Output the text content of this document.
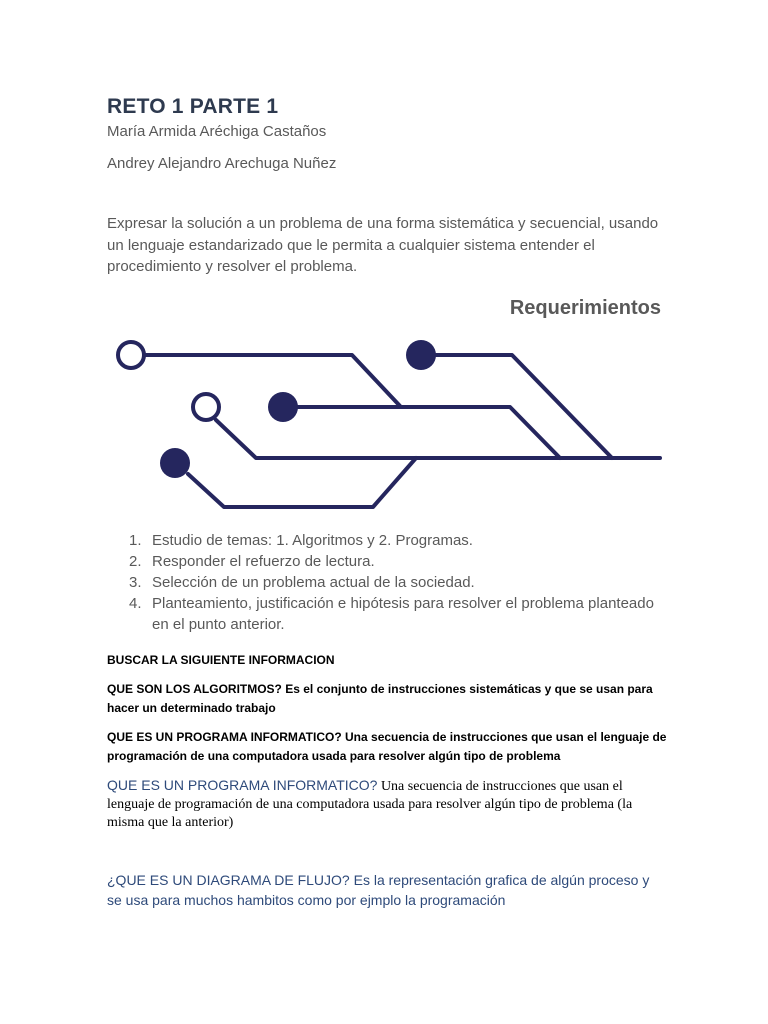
RETO 1 PARTE 1
María Armida Aréchiga Castaños
Andrey Alejandro Arechuga Nuñez
Expresar la solución a un problema de una forma sistemática y secuencial, usando un lenguaje estandarizado que le permita a cualquier sistema entender el procedimiento y resolver el problema.
Requerimientos
1. Estudio de temas: 1. Algoritmos y 2. Programas.
2. Responder el refuerzo de lectura.
3. Selección de un problema actual de la sociedad.
4. Planteamiento, justificación e hipótesis para resolver el problema planteado en el punto anterior.
BUSCAR LA SIGUIENTE INFORMACION
QUE SON LOS ALGORITMOS? Es el conjunto de instrucciones sistemáticas y que se usan para hacer un determinado trabajo
QUE ES UN PROGRAMA INFORMATICO? Una secuencia de instrucciones que usan el lenguaje de programación de una computadora usada para resolver algún tipo de problema
QUE ES UN PROGRAMA INFORMATICO? Una secuencia de instrucciones que usan el lenguaje de programación de una computadora usada para resolver algún tipo de problema (la misma que la anterior)
¿QUE ES UN DIAGRAMA DE FLUJO? Es la representación grafica de algún proceso y se usa para muchos hambitos como por ejmplo la programación
